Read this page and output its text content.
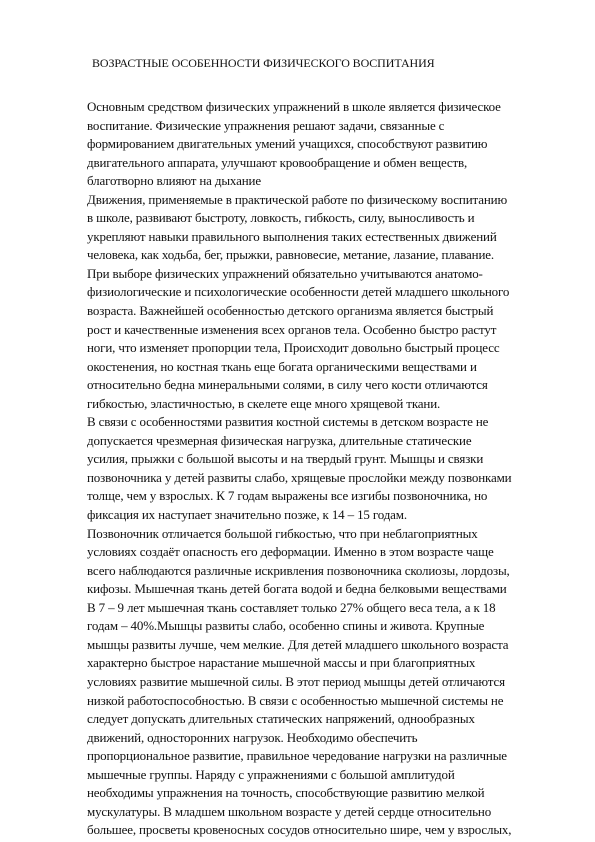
ВОЗРАСТНЫЕ ОСОБЕННОСТИ ФИЗИЧЕСКОГО ВОСПИТАНИЯ
Основным средством физических упражнений в школе является физическое
воспитание. Физические упражнения решают задачи, связанные с
формированием двигательных умений учащихся, способствуют развитию
двигательного аппарата, улучшают кровообращение и обмен веществ,
благотворно влияют на дыхание
Движения, применяемые в практической работе по физическому воспитанию
в школе, развивают быстроту, ловкость, гибкость, силу, выносливость и
укрепляют навыки правильного выполнения таких естественных движений
человека, как ходьба, бег, прыжки, равновесие, метание, лазание, плавание.
При выборе физических упражнений обязательно учитываются анатомо-
физиологические и психологические особенности детей младшего школьного
возраста. Важнейшей особенностью детского организма является быстрый
рост и качественные изменения всех органов тела. Особенно быстро растут
ноги, что изменяет пропорции тела, Происходит довольно быстрый процесс
окостенения, но костная ткань еще богата органическими веществами и
относительно бедна минеральными солями, в силу чего кости отличаются
гибкостью, эластичностью, в скелете еще много хрящевой ткани.
В связи с особенностями развития костной системы в детском возрасте не
допускается чрезмерная физическая нагрузка, длительные статические
усилия, прыжки с большой высоты и на твердый грунт. Мышцы и связки
позвоночника у детей развиты слабо, хрящевые прослойки между позвонками
толще, чем у взрослых. К 7 годам выражены все изгибы позвоночника, но
фиксация их наступает значительно позже, к 14 – 15 годам.
Позвоночник отличается большой гибкостью, что при неблагоприятных
условиях создаёт опасность его деформации. Именно в этом возрасте чаще
всего наблюдаются различные искривления позвоночника сколиозы, лордозы,
кифозы. Мышечная ткань детей богата водой и бедна белковыми веществами
В 7 – 9 лет мышечная ткань составляет только 27% общего веса тела, а к 18
годам – 40%.Мышцы развиты слабо, особенно спины и живота. Крупные
мышцы развиты лучше, чем мелкие. Для детей младшего школьного возраста
характерно быстрое нарастание мышечной массы и при благоприятных
условиях развитие мышечной силы. В этот период мышцы детей отличаются
низкой работоспособностью. В связи с особенностью мышечной системы не
следует допускать длительных статических напряжений, однообразных
движений, односторонних нагрузок. Необходимо обеспечить
пропорциональное развитие, правильное чередование нагрузки на различные
мышечные группы. Наряду с упражнениями с большой амплитудой
необходимы упражнения на точность, способствующие развитию мелкой
мускулатуры. В младшем школьном возрасте у детей сердце относительно
большее, просветы кровеносных сосудов относительно шире, чем у взрослых,
